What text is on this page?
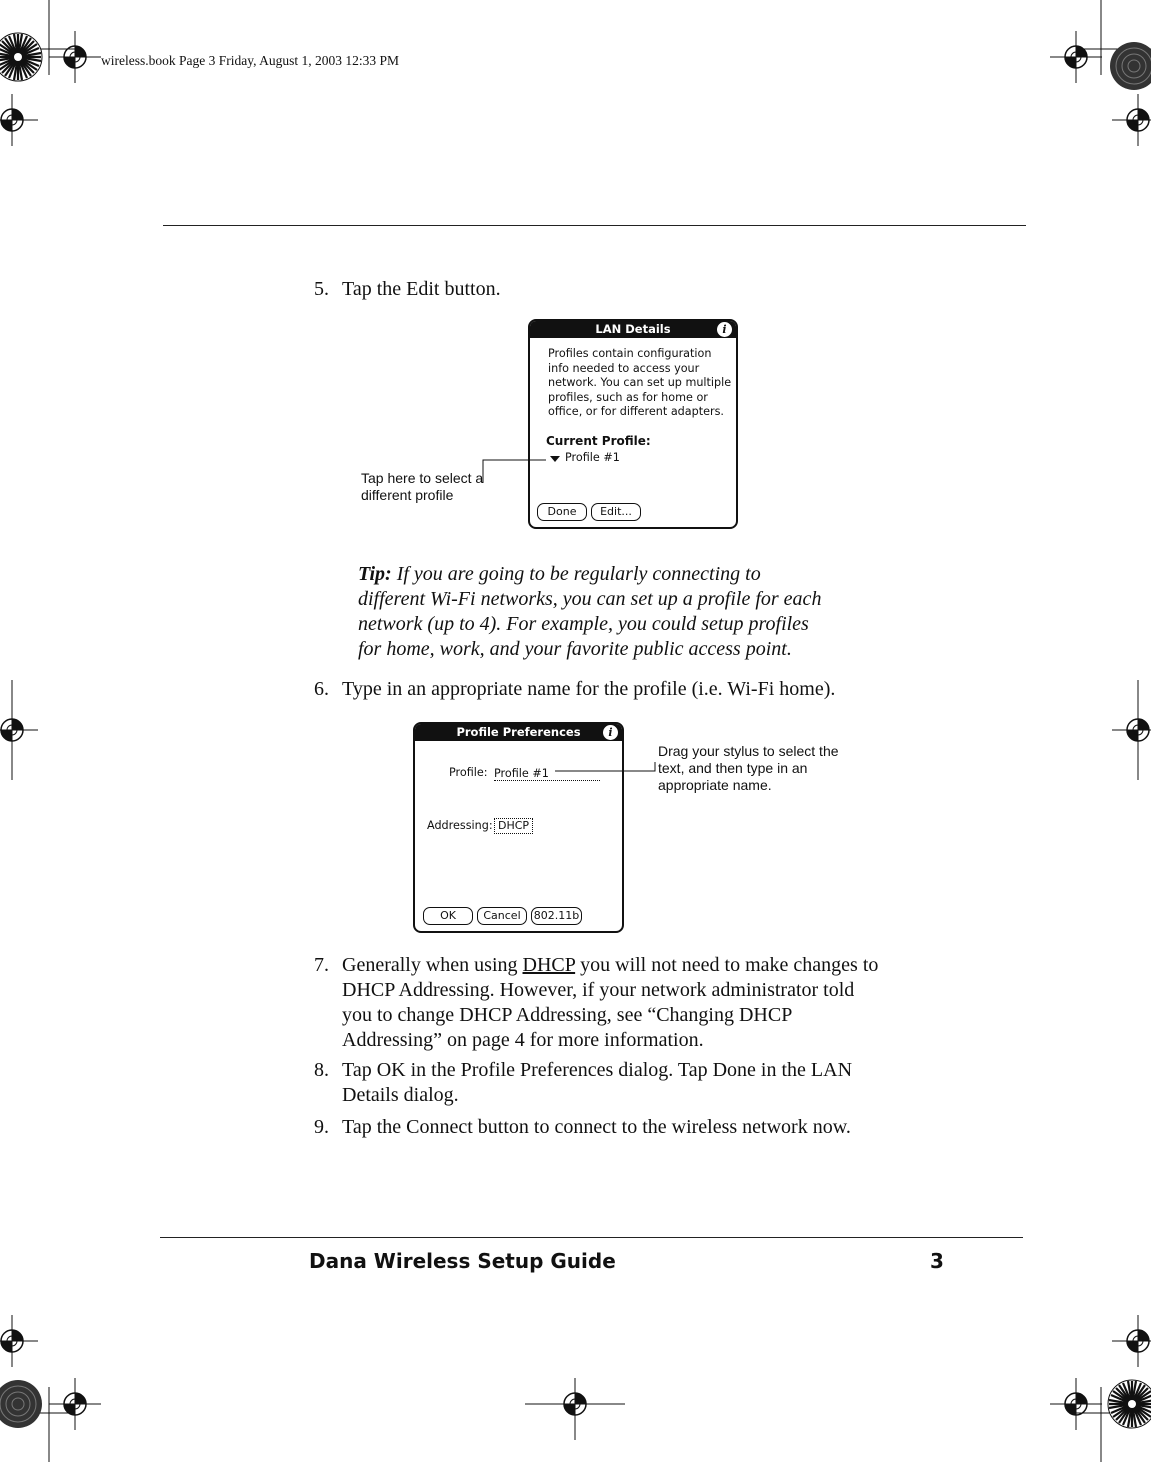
wireless.book Page 3 Friday, August 1, 2003 12:33 PM
5. Tap the Edit button.
LAN Details	i
Profiles contain configuration
info needed to access your
network. You can set up multiple
profiles, such as for home or
office, or for different adapters.
Current Profile:
Profile #1
Done	Edit...
Tap here to select a
different profile
Tip: If you are going to be regularly connecting to
different Wi-Fi networks, you can set up a profile for each
network (up to 4). For example, you could setup profiles
for home, work, and your favorite public access point.
6. Type in an appropriate name for the profile (i.e. Wi-Fi home).
Profile Preferences	i
Profile: Profile #1
Addressing: DHCP
OK	Cancel	802.11b
Drag your stylus to select the
text, and then type in an
appropriate name.
7. Generally when using DHCP you will not need to make changes to
DHCP Addressing. However, if your network administrator told
you to change DHCP Addressing, see “Changing DHCP
Addressing” on page 4 for more information.
8. Tap OK in the Profile Preferences dialog. Tap Done in the LAN
Details dialog.
9. Tap the Connect button to connect to the wireless network now.
Dana Wireless Setup Guide	3
